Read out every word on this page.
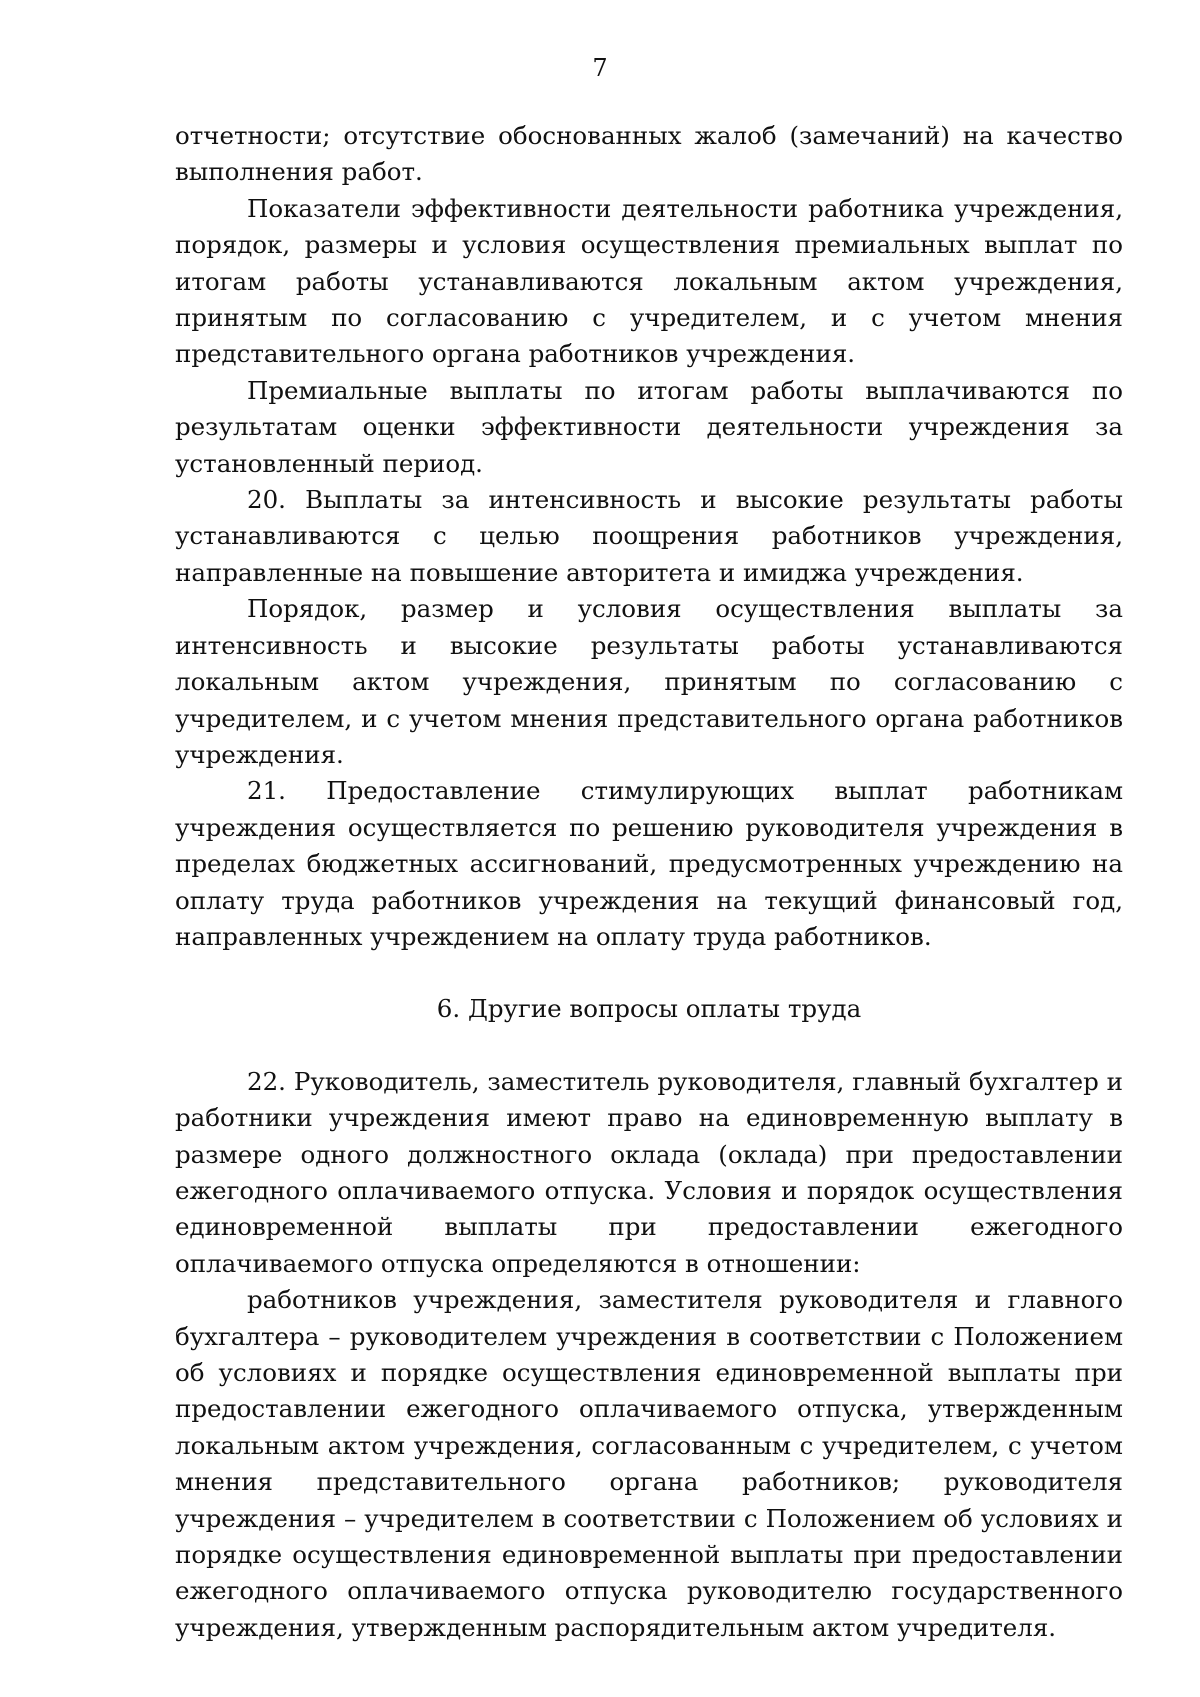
7

отчетности; отсутствие обоснованных жалоб (замечаний) на качество выполнения работ.

Показатели эффективности деятельности работника учреждения, порядок, размеры и условия осуществления премиальных выплат по итогам работы устанавливаются локальным актом учреждения, принятым по согласованию с учредителем, и с учетом мнения представительного органа работников учреждения.

Премиальные выплаты по итогам работы выплачиваются по результатам оценки эффективности деятельности учреждения за установленный период.

20. Выплаты за интенсивность и высокие результаты работы устанавливаются с целью поощрения работников учреждения, направленные на повышение авторитета и имиджа учреждения.

Порядок, размер и условия осуществления выплаты за интенсивность и высокие результаты работы устанавливаются локальным актом учреждения, принятым по согласованию с учредителем, и с учетом мнения представительного органа работников учреждения.

21. Предоставление стимулирующих выплат работникам учреждения осуществляется по решению руководителя учреждения в пределах бюджетных ассигнований, предусмотренных учреждению на оплату труда работников учреждения на текущий финансовый год, направленных учреждением на оплату труда работников.

6. Другие вопросы оплаты труда

22. Руководитель, заместитель руководителя, главный бухгалтер и работники учреждения имеют право на единовременную выплату в размере одного должностного оклада (оклада) при предоставлении ежегодного оплачиваемого отпуска. Условия и порядок осуществления единовременной выплаты при предоставлении ежегодного оплачиваемого отпуска определяются в отношении:

работников учреждения, заместителя руководителя и главного бухгалтера – руководителем учреждения в соответствии с Положением об условиях и порядке осуществления единовременной выплаты при предоставлении ежегодного оплачиваемого отпуска, утвержденным локальным актом учреждения, согласованным с учредителем, с учетом мнения представительного органа работников; руководителя учреждения – учредителем в соответствии с Положением об условиях и порядке осуществления единовременной выплаты при предоставлении ежегодного оплачиваемого отпуска руководителю государственного учреждения, утвержденным распорядительным актом учредителя.
